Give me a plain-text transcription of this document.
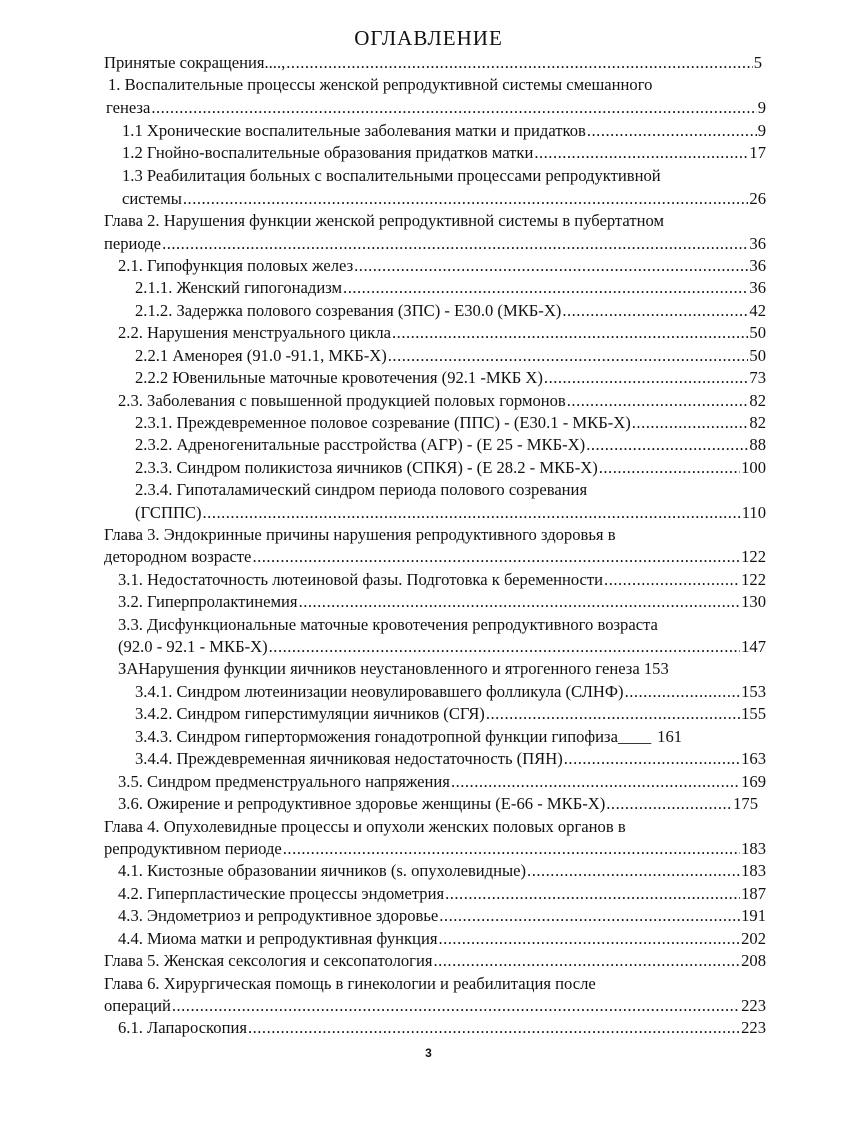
ОГЛАВЛЕНИЕ
Принятые сокращения...., .....	5
1. Воспалительные процессы женской репродуктивной системы смешанного
генеза .....	9
1.1 Хронические воспалительные заболевания матки и придатков .....	9
1.2 Гнойно-воспалительные образования придатков матки .....	17
1.3 Реабилитация больных с воспалительными процессами репродуктивной
системы .....	26
Глава 2. Нарушения функции женской репродуктивной системы в пубертатном
периоде .....	36
2.1. Гипофункция половых желез .....	36
2.1.1. Женский гипогонадизм .....	36
2.1.2. Задержка полового созревания (ЗПС) - Е30.0 (МКБ-Х) .....	42
2.2. Нарушения менструального цикла .....	50
2.2.1 Аменорея (91.0 -91.1, МКБ-Х) .....	50
2.2.2 Ювенильные маточные кровотечения (92.1 -МКБ Х) .....	73
2.3. Заболевания с повышенной продукцией половых гормонов .....	82
2.3.1. Преждевременное половое созревание (ППС) - (Е30.1 - МКБ-Х) .....	82
2.3.2. Адреногенитальные расстройства (АГР) - (Е 25 - МКБ-Х) .....	88
2.3.3. Синдром поликистоза яичников (СПКЯ) - (Е 28.2 - МКБ-Х) .....	100
2.3.4. Гипоталамический синдром периода полового созревания
(ГСППС) .....	110
Глава 3. Эндокринные причины нарушения репродуктивного здоровья в
детородном возрасте .....	122
3.1. Недостаточность лютеиновой фазы. Подготовка к беременности .....	122
3.2. Гиперпролактинемия .....	130
3.3. Дисфункциональные маточные кровотечения репродуктивного возраста
(92.0 - 92.1 - МКБ-Х) .....	147
ЗАНарушения функции яичников неустановленного и ятрогенного генеза 153
3.4.1. Синдром лютеинизации неовулировавшего фолликула (СЛНФ) .....	153
3.4.2. Синдром гиперстимуляции яичников (СГЯ) .....	155
3.4.3. Синдром гиперторможения гонадотропной функции гипофиза____ 161
3.4.4. Преждевременная яичниковая недостаточность (ПЯН) .....	163
3.5. Синдром предменструального напряжения .....	169
3.6. Ожирение и репродуктивное здоровье женщины (Е-66 - МКБ-Х) .....	175
Глава 4. Опухолевидные процессы и опухоли женских половых органов в
репродуктивном периоде .....	183
4.1. Кистозные образовании яичников (s. опухолевидные) .....	183
4.2. Гиперпластические процессы эндометрия .....	187
4.3. Эндометриоз и репродуктивное здоровье .....	191
4.4. Миома матки и репродуктивная функция .....	202
Глава 5. Женская сексология и сексопатология .....	208
Глава 6. Хирургическая помощь в гинекологии и реабилитация после
операций .....	223
6.1. Лапароскопия .....	223
3
